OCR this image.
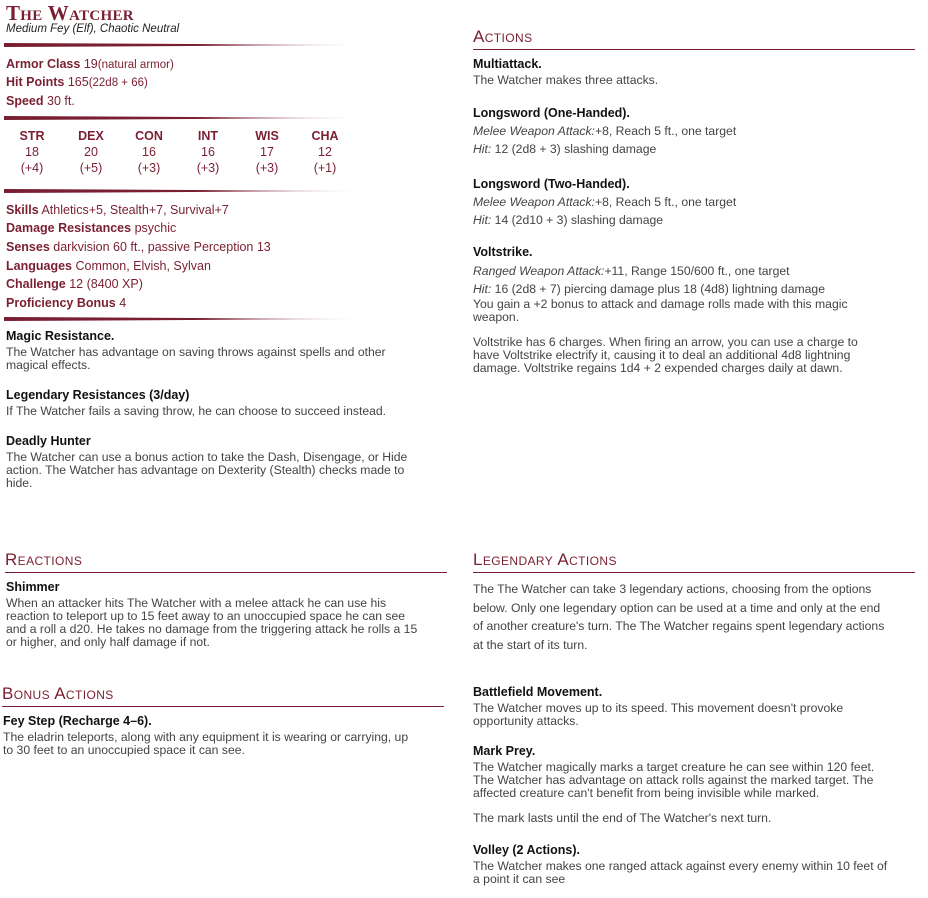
The Watcher
Medium Fey (Elf), Chaotic Neutral
Armor Class 19(natural armor)
Hit Points 165(22d8 + 66)
Speed 30 ft.
STR
18
(+4)
DEX
20
(+5)
CON
16
(+3)
INT
16
(+3)
WIS
17
(+3)
CHA
12
(+1)
Skills Athletics+5, Stealth+7, Survival+7
Damage Resistances psychic
Senses darkvision 60 ft., passive Perception 13
Languages Common, Elvish, Sylvan
Challenge 12 (8400 XP)
Proficiency Bonus 4
Magic Resistance.
The Watcher has advantage on saving throws against spells and other
magical effects.
Legendary Resistances (3/day)
If The Watcher fails a saving throw, he can choose to succeed instead.
Deadly Hunter
The Watcher can use a bonus action to take the Dash, Disengage, or Hide
action. The Watcher has advantage on Dexterity (Stealth) checks made to
hide.
Reactions
Shimmer
When an attacker hits The Watcher with a melee attack he can use his
reaction to teleport up to 15 feet away to an unoccupied space he can see
and a roll a d20. He takes no damage from the triggering attack he rolls a 15
or higher, and only half damage if not.
Bonus Actions
Fey Step (Recharge 4–6).
The eladrin teleports, along with any equipment it is wearing or carrying, up
to 30 feet to an unoccupied space it can see.
Actions
Multiattack.
The Watcher makes three attacks.
Longsword (One-Handed).
Melee Weapon Attack:+8, Reach 5 ft., one target
Hit: 12 (2d8 + 3) slashing damage
Longsword (Two-Handed).
Melee Weapon Attack:+8, Reach 5 ft., one target
Hit: 14 (2d10 + 3) slashing damage
Voltstrike.
Ranged Weapon Attack:+11, Range 150/600 ft., one target
Hit: 16 (2d8 + 7) piercing damage plus 18 (4d8) lightning damage
You gain a +2 bonus to attack and damage rolls made with this magic
weapon.
Voltstrike has 6 charges. When firing an arrow, you can use a charge to
have Voltstrike electrify it, causing it to deal an additional 4d8 lightning
damage. Voltstrike regains 1d4 + 2 expended charges daily at dawn.
Legendary Actions
The The Watcher can take 3 legendary actions, choosing from the options
below. Only one legendary option can be used at a time and only at the end
of another creature's turn. The The Watcher regains spent legendary actions
at the start of its turn.
Battlefield Movement.
The Watcher moves up to its speed. This movement doesn't provoke
opportunity attacks.
Mark Prey.
The Watcher magically marks a target creature he can see within 120 feet.
The Watcher has advantage on attack rolls against the marked target. The
affected creature can't benefit from being invisible while marked.
The mark lasts until the end of The Watcher's next turn.
Volley (2 Actions).
The Watcher makes one ranged attack against every enemy within 10 feet of
a point it can see
